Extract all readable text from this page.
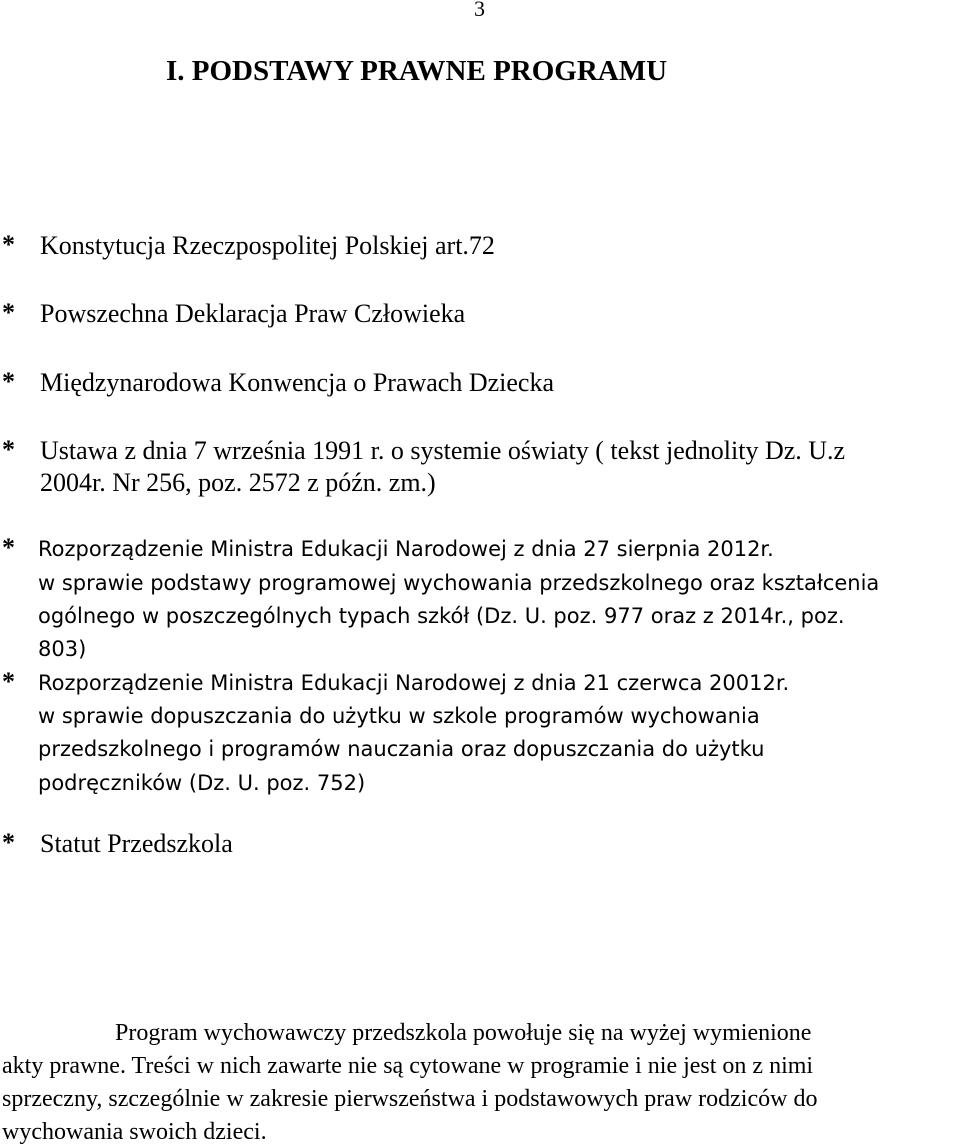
3
I. PODSTAWY PRAWNE PROGRAMU
*
*
*
*
*
*
*
Konstytucja Rzeczpospolitej Polskiej art.72
Powszechna Deklaracja Praw Człowieka
Międzynarodowa Konwencja o Prawach Dziecka
Ustawa z dnia 7 września 1991 r. o systemie oświaty ( tekst jednolity Dz. U.z
2004r. Nr 256, poz. 2572 z późn. zm.)
Rozporządzenie Ministra Edukacji Narodowej z dnia 27 sierpnia 2012r.
w sprawie podstawy programowej wychowania przedszkolnego oraz kształcenia
ogólnego w poszczególnych typach szkół (Dz. U. poz. 977 oraz z 2014r., poz.
803)
Rozporządzenie Ministra Edukacji Narodowej z dnia 21 czerwca 20012r.
w sprawie dopuszczania do użytku w szkole programów wychowania
przedszkolnego i programów nauczania oraz dopuszczania do użytku
podręczników (Dz. U. poz. 752)
Statut Przedszkola
Program wychowawczy przedszkola powołuje się na wyżej wymienione
akty prawne. Treści w nich zawarte nie są cytowane w programie i nie jest on z nimi
sprzeczny, szczególnie w zakresie pierwszeństwa i podstawowych praw rodziców do
wychowania swoich dzieci.
